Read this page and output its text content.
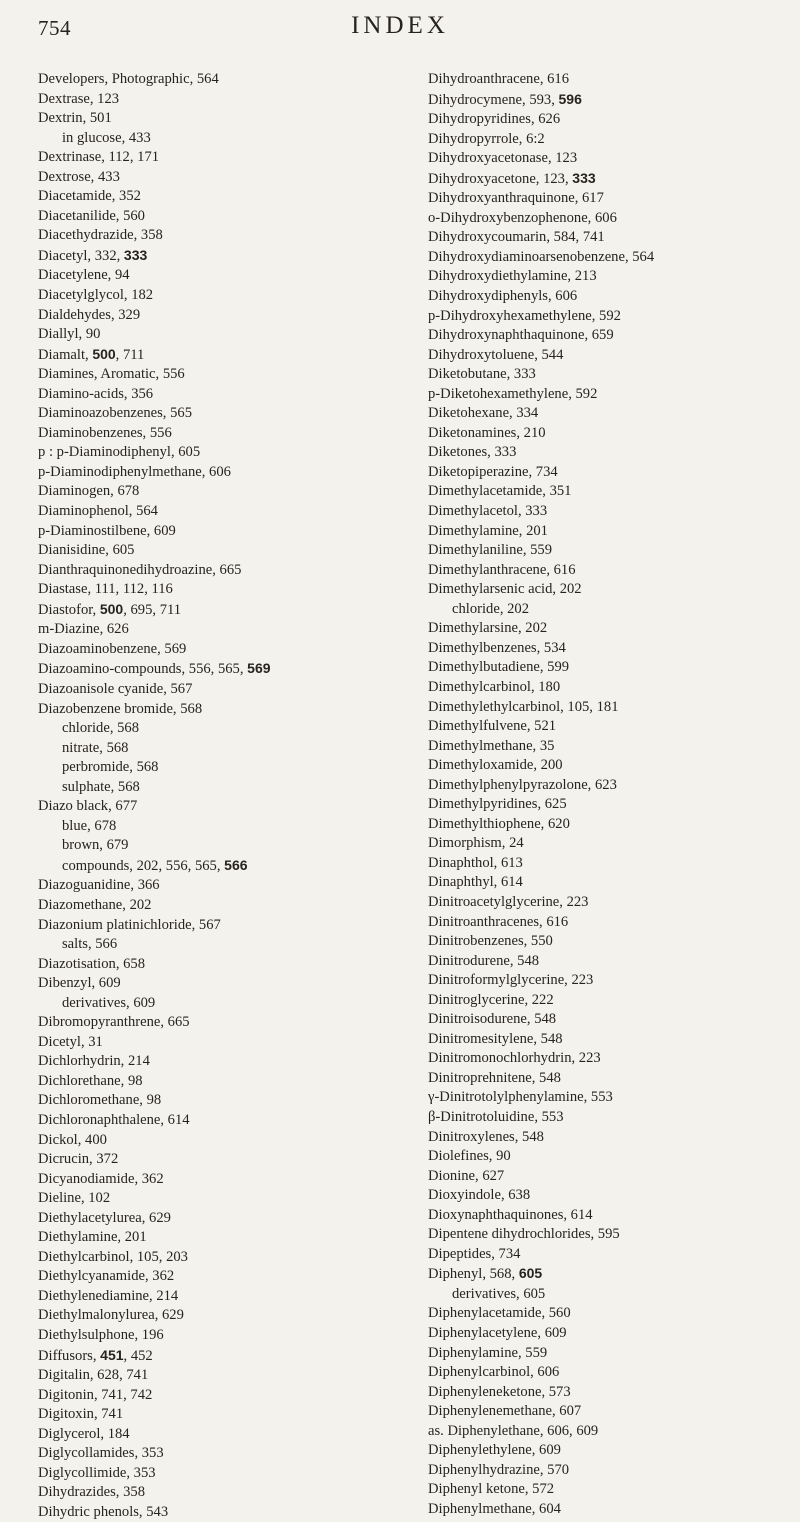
754	INDEX
Developers, Photographic, 564
Dextrase, 123
Dextrin, 501
in glucose, 433
Dextrinase, 112, 171
Dextrose, 433
Diacetamide, 352
Diacetanilide, 560
Diacethydrazide, 358
Diacetyl, 332, 333
Diacetylene, 94
Diacetylglycol, 182
Dialdehydes, 329
Diallyl, 90
Diamalt, 500, 711
Diamines, Aromatic, 556
Diamino-acids, 356
Diaminoazobenzenes, 565
Diaminobenzenes, 556
p : p-Diaminodiphenyl, 605
p-Diaminodiphenylmethane, 606
Diaminogen, 678
Diaminophenol, 564
p-Diaminostilbene, 609
Dianisidine, 605
Dianthraquinonedihydroazine, 665
Diastase, 111, 112, 116
Diastofor, 500, 695, 711
m-Diazine, 626
Diazoaminobenzene, 569
Diazoamino-compounds, 556, 565, 569
Diazoanisole cyanide, 567
Diazobenzene bromide, 568
chloride, 568
nitrate, 568
perbromide, 568
sulphate, 568
Diazo black, 677
blue, 678
brown, 679
compounds, 202, 556, 565, 566
Diazoguanidine, 366
Diazomethane, 202
Diazonium platinichloride, 567
salts, 566
Diazotisation, 658
Dibenzyl, 609
derivatives, 609
Dibromopyranthrene, 665
Dicetyl, 31
Dichlorhydrin, 214
Dichlorethane, 98
Dichloromethane, 98
Dichloronaphthalene, 614
Dickol, 400
Dicrucin, 372
Dicyanodiamide, 362
Dieline, 102
Diethylacetylurea, 629
Diethylamine, 201
Diethylcarbinol, 105, 203
Diethylcyanamide, 362
Diethylenediamine, 214
Diethylmalonylurea, 629
Diethylsulphone, 196
Diffusors, 451, 452
Digitalin, 628, 741
Digitonin, 741, 742
Digitoxin, 741
Diglycerol, 184
Diglycollamides, 353
Diglycollimide, 353
Dihydrazides, 358
Dihydric phenols, 543
Dihydroanthracene, 616
Dihydrocymene, 593, 596
Dihydropyridines, 626
Dihydropyrrole, 6:2
Dihydroxyacetonase, 123
Dihydroxyacetone, 123, 333
Dihydroxyanthraquinone, 617
o-Dihydroxybenzophenone, 606
Dihydroxycoumarin, 584, 741
Dihydroxydiaminoarsenobenzene, 564
Dihydroxydiethylamine, 213
Dihydroxydiphenyls, 606
p-Dihydroxyhexamethylene, 592
Dihydroxynaphthaquinone, 659
Dihydroxytoluene, 544
Diketobutane, 333
p-Diketohexamethylene, 592
Diketohexane, 334
Diketonamines, 210
Diketones, 333
Diketopiperazine, 734
Dimethylacetamide, 351
Dimethylacetol, 333
Dimethylamine, 201
Dimethylaniline, 559
Dimethylanthracene, 616
Dimethylarsenic acid, 202
chloride, 202
Dimethylarsine, 202
Dimethylbenzenes, 534
Dimethylbutadiene, 599
Dimethylcarbinol, 180
Dimethylethylcarbinol, 105, 181
Dimethylfulvene, 521
Dimethylmethane, 35
Dimethyloxamide, 200
Dimethylphenylpyrazolone, 623
Dimethylpyridines, 625
Dimethylthiophene, 620
Dimorphism, 24
Dinaphthol, 613
Dinaphthyl, 614
Dinitroacetylglycerine, 223
Dinitroanthracenes, 616
Dinitrobenzenes, 550
Dinitrodurene, 548
Dinitroformylglycerine, 223
Dinitroglycerine, 222
Dinitroisodurene, 548
Dinitromesitylene, 548
Dinitromonochlorhydrin, 223
Dinitroprehnitene, 548
γ-Dinitrotolylphenylamine, 553
β-Dinitrotoluidine, 553
Dinitroxylenes, 548
Diolefines, 90
Dionine, 627
Dioxyindole, 638
Dioxynaphthaquinones, 614
Dipentene dihydrochlorides, 595
Dipeptides, 734
Diphenyl, 568, 605
derivatives, 605
Diphenylacetamide, 560
Diphenylacetylene, 609
Diphenylamine, 559
Diphenylcarbinol, 606
Diphenyleneketone, 573
Diphenylenemethane, 607
as. Diphenylethane, 606, 609
Diphenylethylene, 609
Diphenylhydrazine, 570
Diphenyl ketone, 572
Diphenylmethane, 604
